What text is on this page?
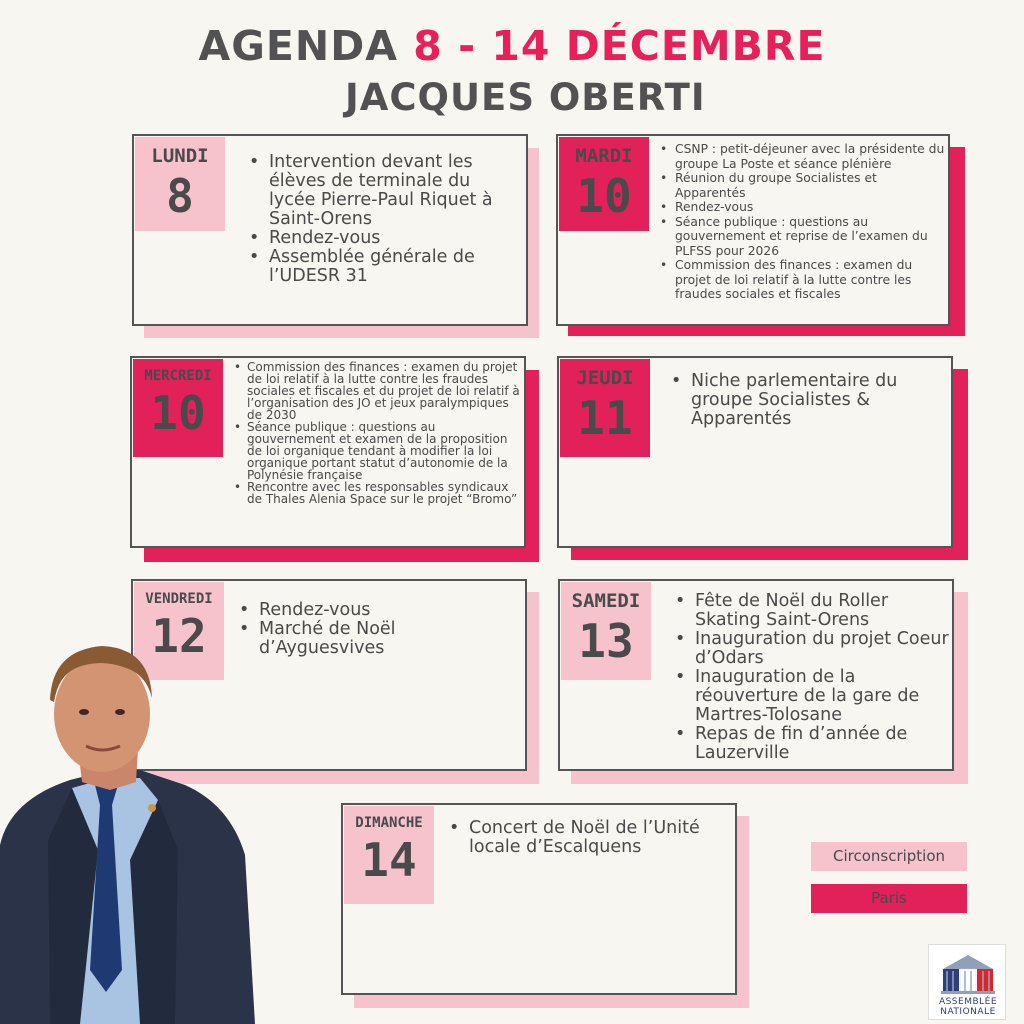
AGENDA 8 - 14 DÉCEMBRE
JACQUES OBERTI
LUNDI
8
• Intervention devant les élèves de terminale du lycée Pierre-Paul Riquet à Saint-Orens
• Rendez-vous
• Assemblée générale de l’UDESR 31
MARDI
10
• CSNP : petit-déjeuner avec la présidente du groupe La Poste et séance plénière
• Réunion du groupe Socialistes et Apparentés
• Rendez-vous
• Séance publique : questions au gouvernement et reprise de l’examen du PLFSS pour 2026
• Commission des finances : examen du projet de loi relatif à la lutte contre les fraudes sociales et fiscales
MERCREDI
10
• Commission des finances : examen du projet de loi relatif à la lutte contre les fraudes sociales et fiscales et du projet de loi relatif à l’organisation des JO et jeux paralympiques de 2030
• Séance publique : questions au gouvernement et examen de la proposition de loi organique tendant à modifier la loi organique portant statut d’autonomie de la Polynésie française
• Rencontre avec les responsables syndicaux de Thales Alenia Space sur le projet “Bromo”
JEUDI
11
• Niche parlementaire du groupe Socialistes & Apparentés
VENDREDI
12
•	Rendez-vous
• Marché de Noël d’Ayguesvives
SAMEDI
13
• Fête de Noël du Roller Skating Saint-Orens
• Inauguration du projet Coeur d’Odars
• Inauguration de la réouverture de la gare de Martres-Tolosane
• Repas de fin d’année de Lauzerville
DIMANCHE
14
• Concert de Noël de l’Unité locale d’Escalquens	Circonscription
Paris
ASSEMBLÉE
NATIONALE
